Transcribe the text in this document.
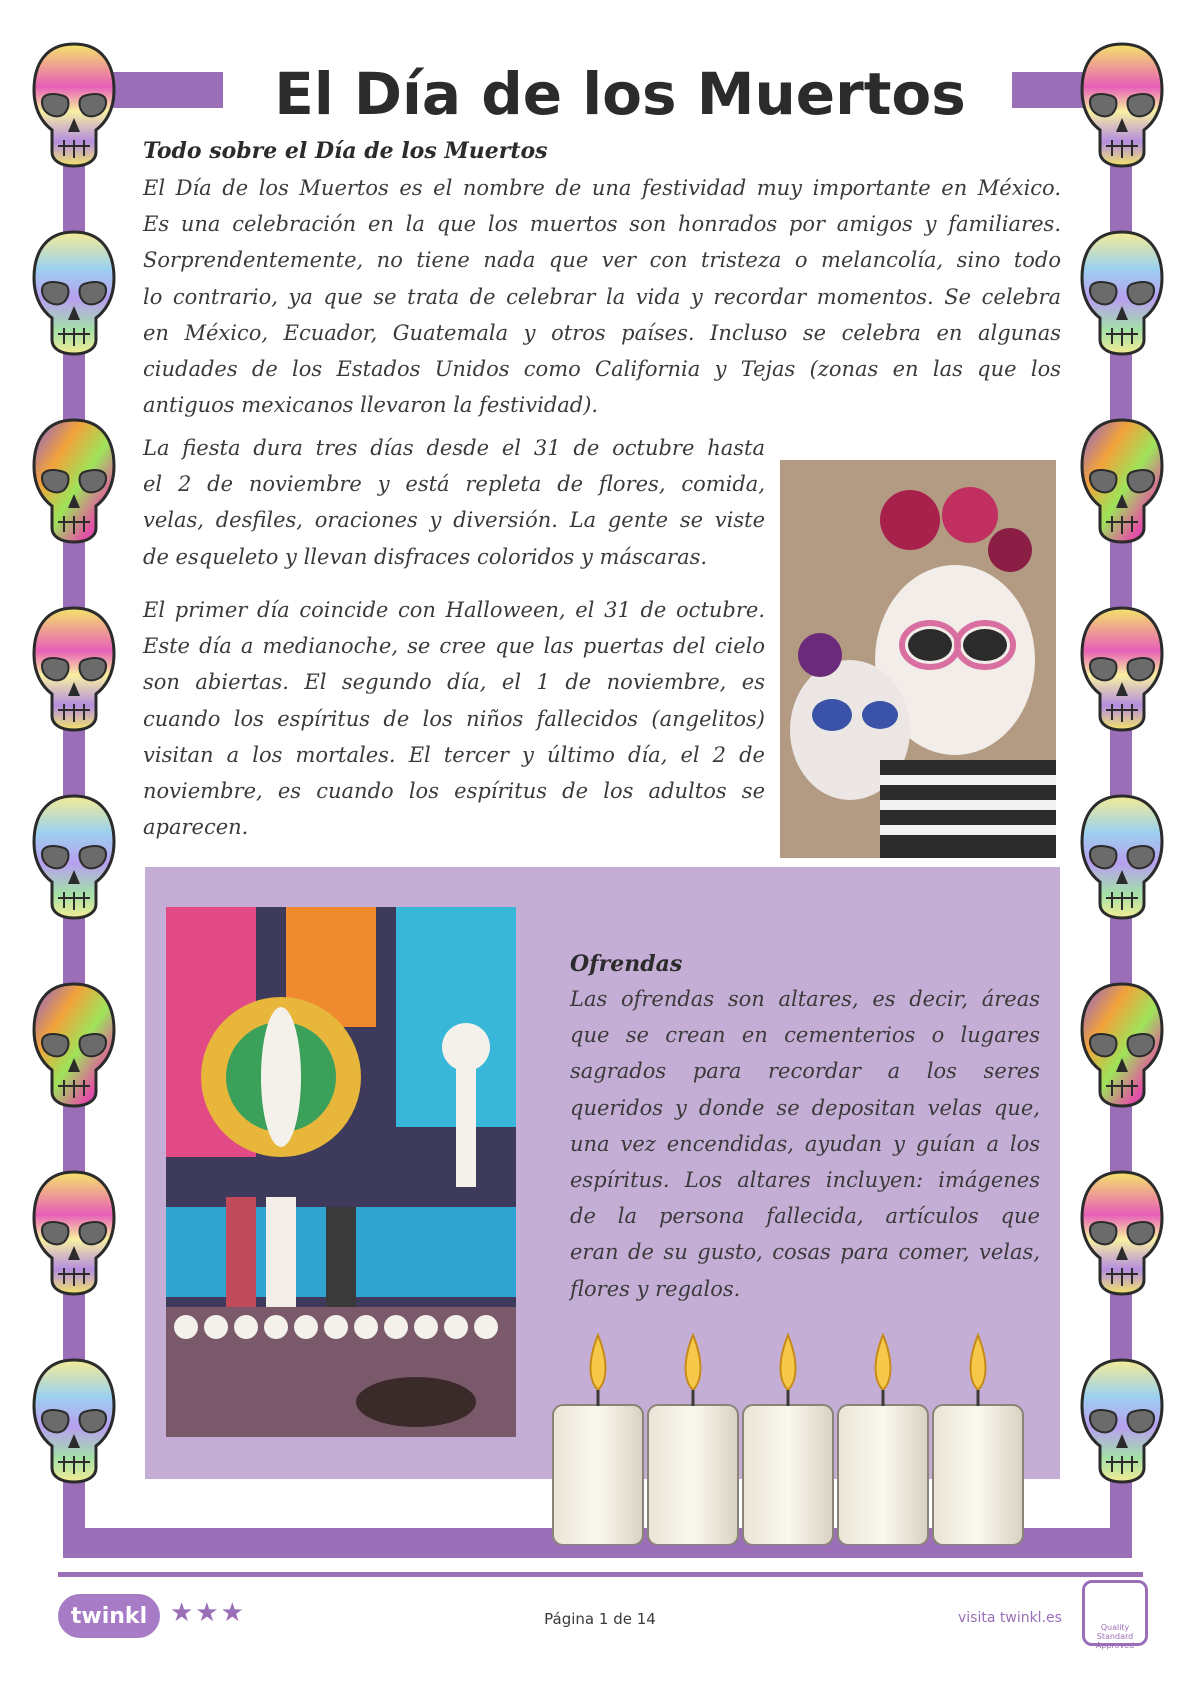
El Día de los Muertos
Todo sobre el Día de los Muertos

El Día de los Muertos es el nombre de una festividad muy importante en México.

Es una celebración en la que los muertos son honrados por amigos y familiares.

Sorprendentemente, no tiene nada que ver con tristeza o melancolía, sino todo

lo contrario, ya que se trata de celebrar la vida y recordar momentos. Se celebra

en México, Ecuador, Guatemala y otros países. Incluso se celebra en algunas

ciudades de los Estados Unidos como California y Tejas (zonas en las que los

antiguos mexicanos llevaron la festividad).

La fiesta dura tres días desde el 31 de octubre hasta

el 2 de noviembre y está repleta de flores, comida,

velas, desfiles, oraciones y diversión. La gente se viste

de esqueleto y llevan disfraces coloridos y máscaras.

El primer día coincide con Halloween, el 31 de octubre.

Este día a medianoche, se cree que las puertas del cielo

son abiertas. El segundo día, el 1 de noviembre, es

cuando los espíritus de los niños fallecidos (angelitos)

visitan a los mortales. El tercer y último día, el 2 de

noviembre, es cuando los espíritus de los adultos se

aparecen.

Ofrendas

Las ofrendas son altares, es decir, áreas

que se crean en cementerios o lugares

sagrados para recordar a los seres

queridos y donde se depositan velas que,

una vez encendidas, ayudan y guían a los

espíritus. Los altares incluyen: imágenes

de la persona fallecida, artículos que

eran de su gusto, cosas para comer, velas,

flores y regalos.

twinkl ★★★	Página 1 de 14	visita twinkl.es
Quality Standard Approved
